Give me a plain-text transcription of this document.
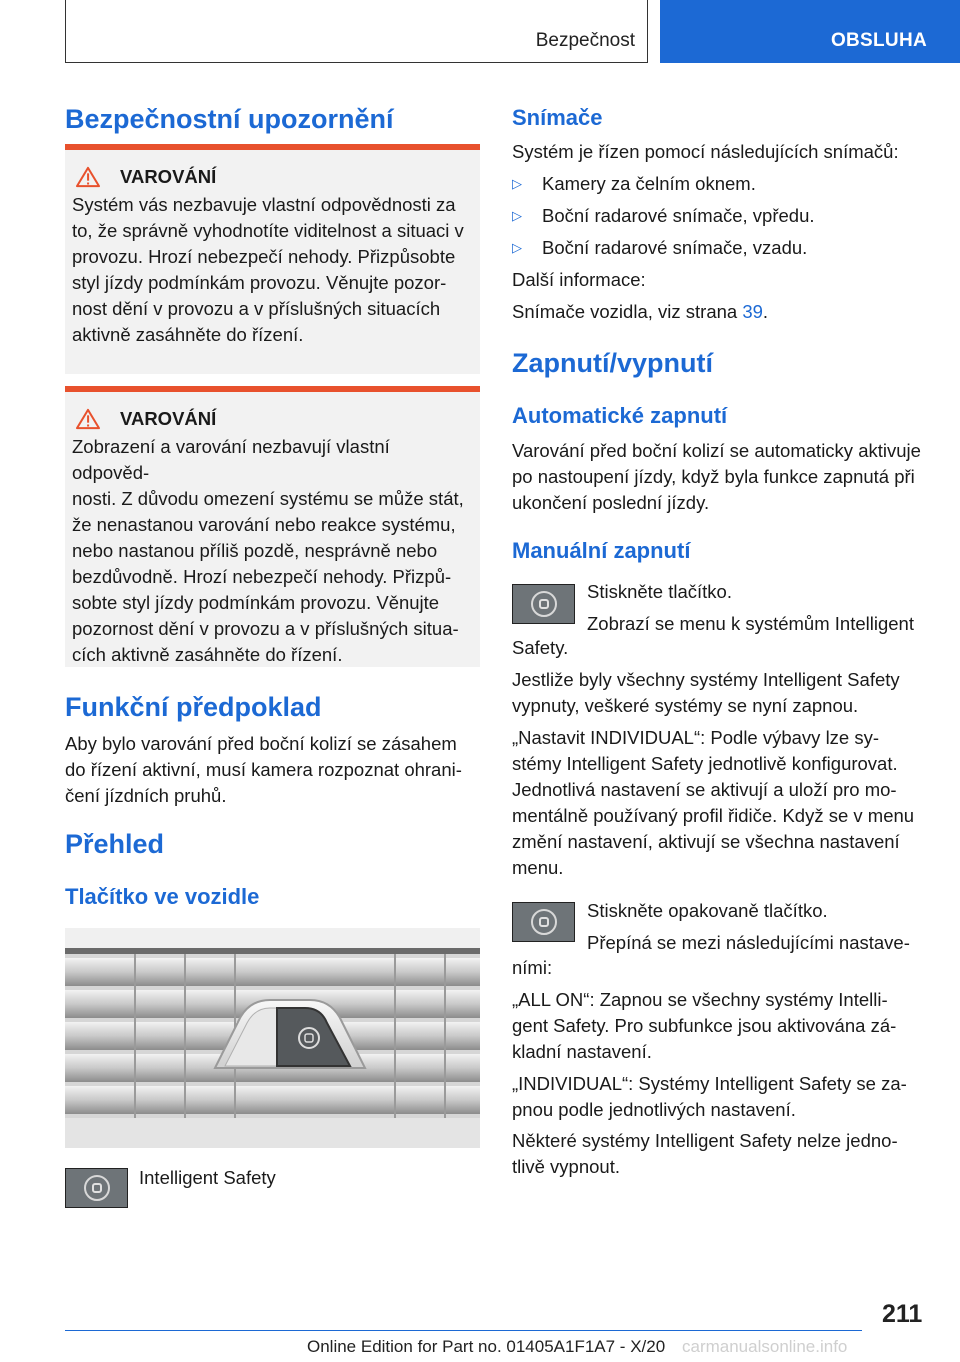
Bezpečnost	OBSLUHA
Bezpečnostní upozornění
VAROVÁNÍ

Systém vás nezbavuje vlastní odpovědnosti za

to, že správně vyhodnotíte viditelnost a situaci v

provozu. Hrozí nebezpečí nehody. Přizpůsobte

styl jízdy podmínkám provozu. Věnujte pozor-

nost dění v provozu a v příslušných situacích

aktivně zasáhněte do řízení.

VAROVÁNÍ

Zobrazení a varování nezbavují vlastní odpověd-

nosti. Z důvodu omezení systému se může stát,

že nenastanou varování nebo reakce systému,

nebo nastanou příliš pozdě, nesprávně nebo

bezdůvodně. Hrozí nebezpečí nehody. Přizpů-

sobte styl jízdy podmínkám provozu. Věnujte

pozornost dění v provozu a v příslušných situa-

cích aktivně zasáhněte do řízení.

Funkční předpoklad

Aby bylo varování před boční kolizí se zásahem

do řízení aktivní, musí kamera rozpoznat ohrani-

čení jízdních pruhů.

Přehled
Tlačítko ve vozidle

Intelligent Safety

Snímače

Systém je řízen pomocí následujících snímačů:

▷	Kamery za čelním oknem.
▷	Boční radarové snímače, vpředu.
▷	Boční radarové snímače, vzadu.

Další informace:

Snímače vozidla, viz strana 39.

Zapnutí/vypnutí
Automatické zapnutí

Varování před boční kolizí se automaticky aktivuje

po nastoupení jízdy, když byla funkce zapnutá při

ukončení poslední jízdy.

Manuální zapnutí

Stiskněte tlačítko.

Zobrazí se menu k systémům Intelligent

Safety.

Jestliže byly všechny systémy Intelligent Safety

vypnuty, veškeré systémy se nyní zapnou.

„Nastavit INDIVIDUAL“: Podle výbavy lze sy-

stémy Intelligent Safety jednotlivě konfigurovat.

Jednotlivá nastavení se aktivují a uloží pro mo-

mentálně používaný profil řidiče. Když se v menu

změní nastavení, aktivují se všechna nastavení

menu.

Stiskněte opakovaně tlačítko.

Přepíná se mezi následujícími nastave-

ními:

„ALL ON“: Zapnou se všechny systémy Intelli-

gent Safety. Pro subfunkce jsou aktivována zá-

kladní nastavení.

„INDIVIDUAL“: Systémy Intelligent Safety se za-

pnou podle jednotlivých nastavení.

Některé systémy Intelligent Safety nelze jedno-

tlivě vypnout.

211
Online Edition for Part no. 01405A1F1A7 - X/20 carmanualsonline.info
